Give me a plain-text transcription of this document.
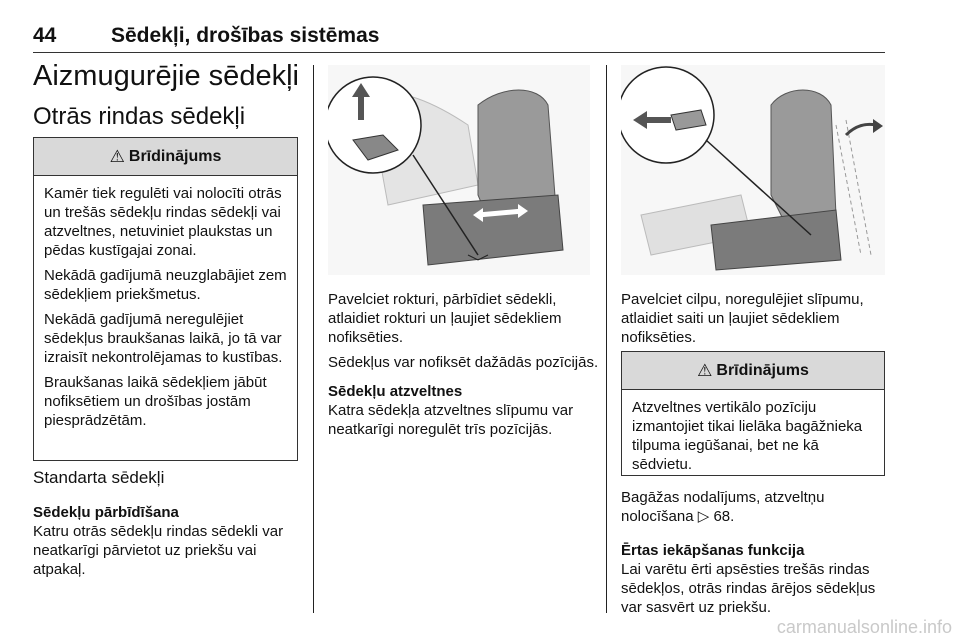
44	Sēdekļi, drošības sistēmas
Aizmugurējie sēdekļi
Otrās rindas sēdekļi
⚠ Brīdinājums

Kamēr tiek regulēti vai nolocīti otrās un trešās sēdekļu rindas sēdekļi vai atzveltnes, netuviniet plaukstas un pēdas kustīgajai zonai.

Nekādā gadījumā neuzglabājiet zem sēdekļiem priekšmetus.

Nekādā gadījumā neregulējiet sēdekļus braukšanas laikā, jo tā var izraisīt nekontrolējamas to kustības.

Braukšanas laikā sēdekļiem jābūt nofiksētiem un drošības jostām piesprādzētām.

Standarta sēdekļi
Sēdekļu pārbīdīšana
Katru otrās sēdekļu rindas sēdekli var neatkarīgi pārvietot uz priekšu vai atpakaļ.

Pavelciet rokturi, pārbīdiet sēdekli, atlaidiet rokturi un ļaujiet sēdekliem nofiksēties.

Sēdekļus var nofiksēt dažādās pozīcijās.

Sēdekļu atzveltnes
Katra sēdekļa atzveltnes slīpumu var neatkarīgi noregulēt trīs pozīcijās.
Pavelciet cilpu, noregulējiet slīpumu, atlaidiet saiti un ļaujiet sēdekliem nofiksēties.
⚠ Brīdinājums

Atzveltnes vertikālo pozīciju izmantojiet tikai lielāka bagāžnieka tilpuma iegūšanai, bet ne kā sēdvietu.

Bagāžas nodalījums, atzveltņu nolocīšana ▷ 68.
Ērtas iekāpšanas funkcija
Lai varētu ērti apsēsties trešās rindas sēdekļos, otrās rindas ārējos sēdekļus var sasvērt uz priekšu.
carmanualsonline.info
